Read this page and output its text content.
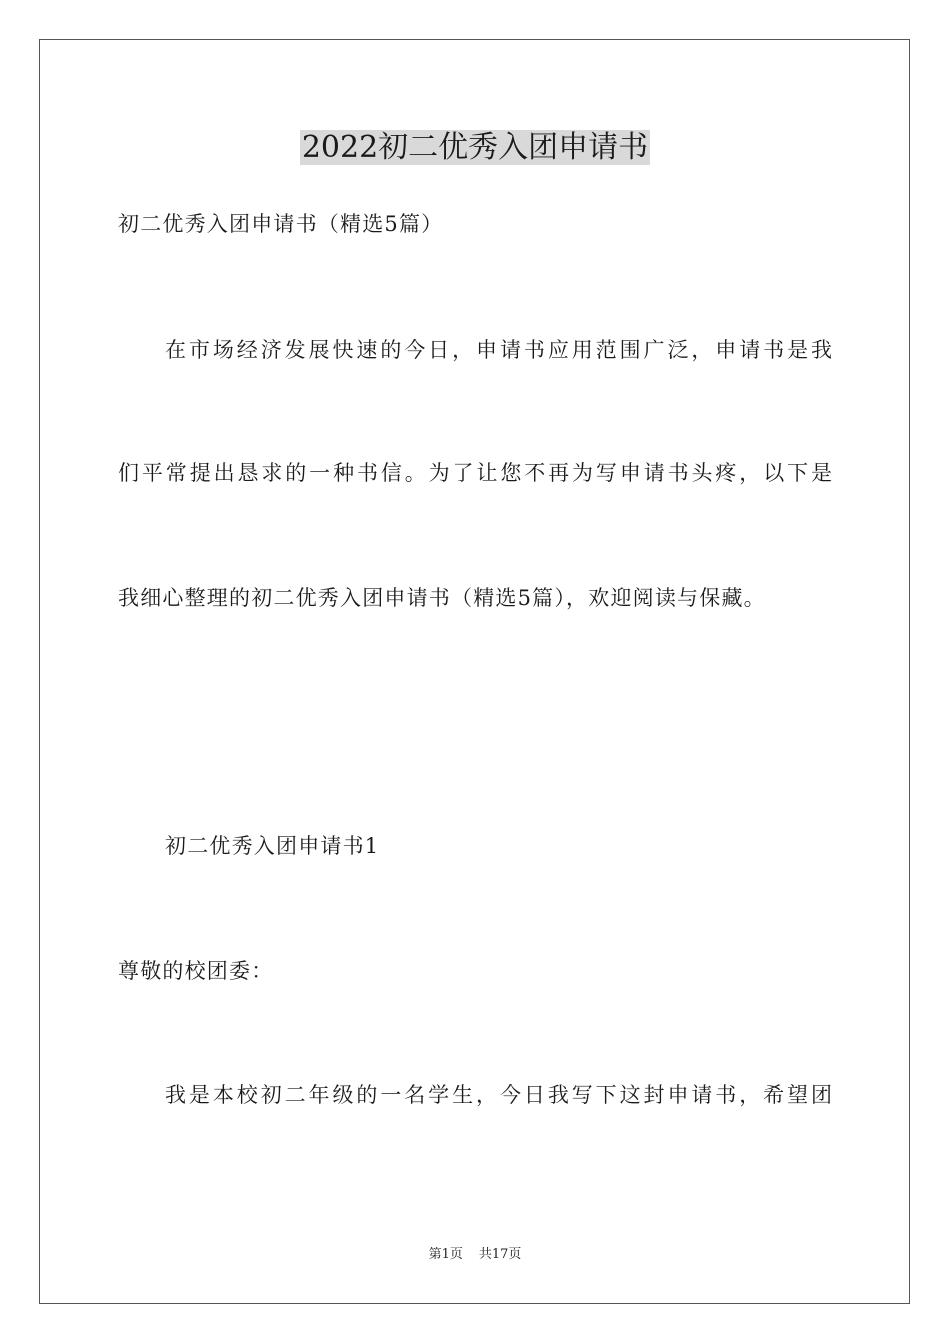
2022初二优秀入团申请书

初二优秀入团申请书（精选5篇）

在市场经济发展快速的今日，申请书应用范围广泛，申请书是我

们平常提出恳求的一种书信。为了让您不再为写申请书头疼，以下是

我细心整理的初二优秀入团申请书（精选5篇），欢迎阅读与保藏。

初二优秀入团申请书1

尊敬的校团委：

我是本校初二年级的一名学生，今日我写下这封申请书，希望团

第1页 共17页
